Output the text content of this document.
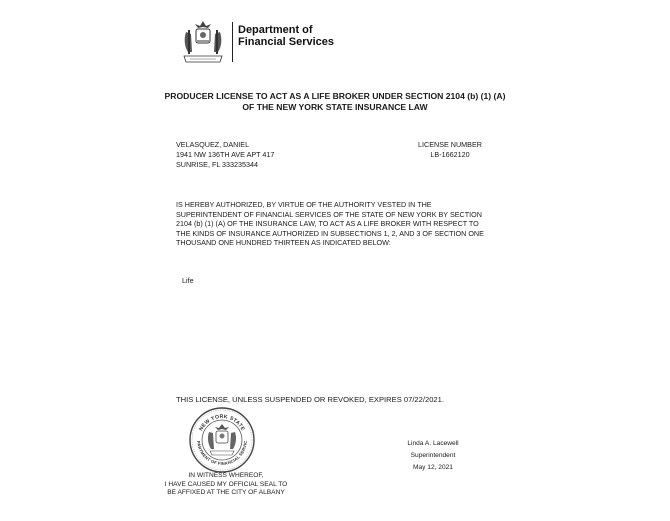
Department of
Financial Services
PRODUCER LICENSE TO ACT AS A LIFE BROKER UNDER SECTION 2104 (b) (1) (A)
OF THE NEW YORK STATE INSURANCE LAW
VELASQUEZ, DANIEL
1941 NW 136TH AVE APT 417
SUNRISE, FL 333235344
LICENSE NUMBER
LB-1662120
IS HEREBY AUTHORIZED, BY VIRTUE OF THE AUTHORITY VESTED IN THE
SUPERINTENDENT OF FINANCIAL SERVICES OF THE STATE OF NEW YORK BY SECTION
2104 (b) (1) (A) OF THE INSURANCE LAW, TO ACT AS A LIFE BROKER WITH RESPECT TO
THE KINDS OF INSURANCE AUTHORIZED IN SUBSECTIONS 1, 2, AND 3 OF SECTION ONE
THOUSAND ONE HUNDRED THIRTEEN AS INDICATED BELOW:
Life
THIS LICENSE, UNLESS SUSPENDED OR REVOKED, EXPIRES 07/22/2021.
NEW YORK STATE
PARTMENT OF FINANCIAL SERVIC
IN WITNESS WHEREOF,
I HAVE CAUSED MY OFFICIAL SEAL TO
BE AFFIXED AT THE CITY OF ALBANY
Linda A. Lacewell
Superintendent
May 12, 2021
